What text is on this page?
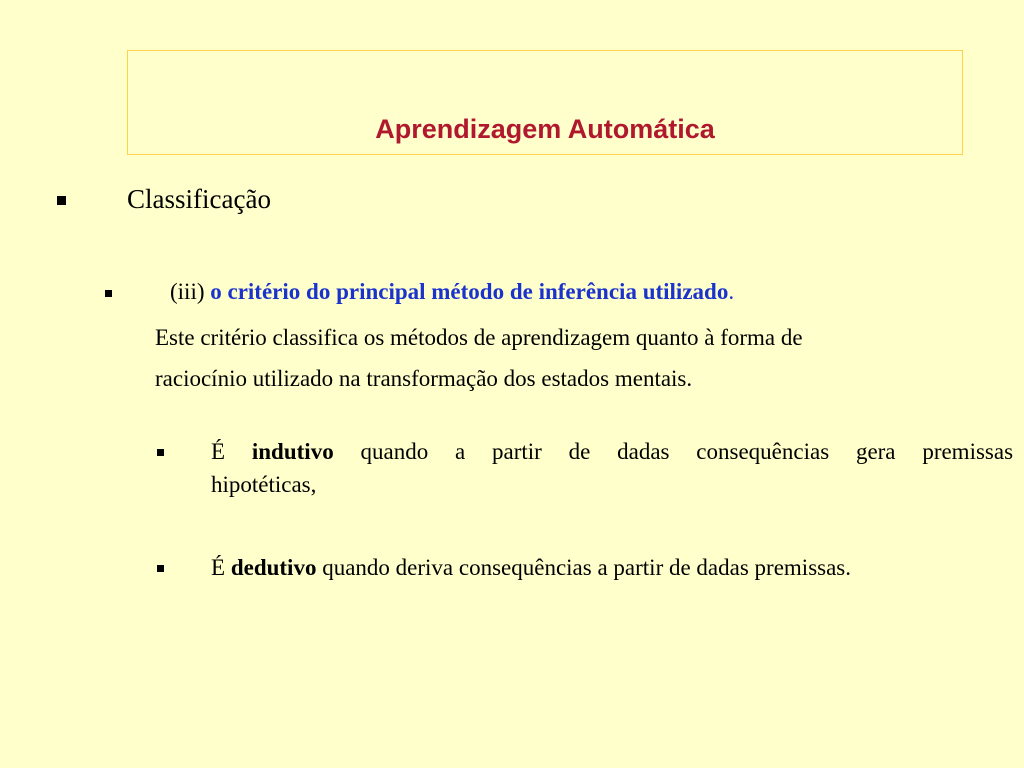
Aprendizagem Automática
Classificação
(iii) o critério do principal método de inferência utilizado.
Este critério classifica os métodos de aprendizagem quanto à forma de
raciocínio utilizado na transformação dos estados mentais.
É indutivo quando a partir de dadas consequências gera premissas
hipotéticas,
É dedutivo quando deriva consequências a partir de dadas premissas.
